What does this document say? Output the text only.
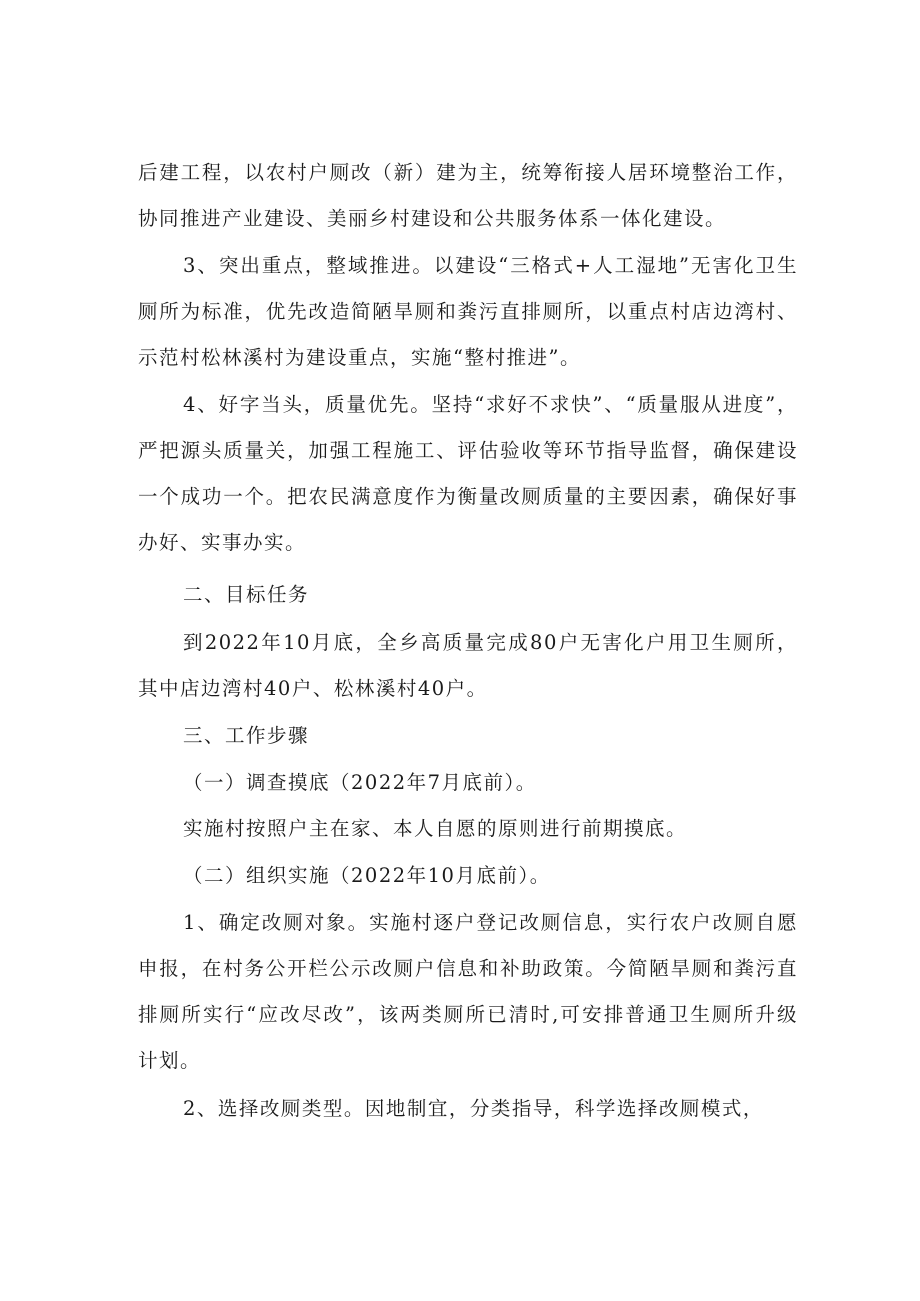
后建工程，以农村户厕改（新）建为主，统筹衔接人居环境整治工作，协同推进产业建设、美丽乡村建设和公共服务体系一体化建设。

3、突出重点，整域推进。以建设“三格式+人工湿地”无害化卫生厕所为标准，优先改造简陋旱厕和粪污直排厕所，以重点村店边湾村、示范村松林溪村为建设重点，实施“整村推进”。

4、好字当头，质量优先。坚持“求好不求快”、“质量服从进度”，严把源头质量关，加强工程施工、评估验收等环节指导监督，确保建设一个成功一个。把农民满意度作为衡量改厕质量的主要因素，确保好事办好、实事办实。

二、目标任务

到2022年10月底，全乡高质量完成80户无害化户用卫生厕所，其中店边湾村40户、松林溪村40户。

三、工作步骤

（一）调查摸底（2022年7月底前）。

实施村按照户主在家、本人自愿的原则进行前期摸底。

（二）组织实施（2022年10月底前）。

1、确定改厕对象。实施村逐户登记改厕信息，实行农户改厕自愿申报，在村务公开栏公示改厕户信息和补助政策。今简陋旱厕和粪污直排厕所实行“应改尽改”，该两类厕所已清时,可安排普通卫生厕所升级计划。

2、选择改厕类型。因地制宜，分类指导，科学选择改厕模式，
